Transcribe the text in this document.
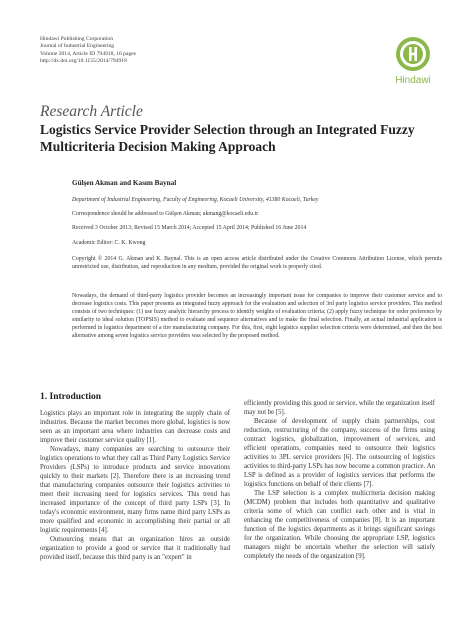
Hindawi Publishing Corporation
Journal of Industrial Engineering
Volume 2014, Article ID 794918, 16 pages
http://dx.doi.org/10.1155/2014/794918
Hindawi
Research Article
Logistics Service Provider Selection through an Integrated Fuzzy Multicriteria Decision Making Approach
Gülşen Akman and Kasım Baynal
Department of Industrial Engineering, Faculty of Engineering, Kocaeli University, 41380 Kocaeli, Turkey
Correspondence should be addressed to Gülşen Akman; akmang@kocaeli.edu.tr
Received 3 October 2013; Revised 15 March 2014; Accepted 15 April 2014; Published 16 June 2014
Academic Editor: C. K. Kwong
Copyright © 2014 G. Akman and K. Baynal. This is an open access article distributed under the Creative Commons Attribution License, which permits unrestricted use, distribution, and reproduction in any medium, provided the original work is properly cited.
Nowadays, the demand of third-party logistics provider becomes an increasingly important issue for companies to improve their customer service and to decrease logistics costs. This paper presents an integrated fuzzy approach for the evaluation and selection of 3rd party logistics service providers. This method consists of two techniques: (1) use fuzzy analytic hierarchy process to identify weights of evaluation criteria; (2) apply fuzzy technique for order preference by similarity to ideal solution (TOPSIS) method to evaluate and sequence alternatives and to make the final selection. Finally, an actual industrial application is performed in logistics department of a tire manufacturing company. For this, first, eight logistics supplier selection criteria were determined, and then the best alternative among seven logistics service providers was selected by the proposed method.
1. Introduction

Logistics plays an important role in integrating the supply chain of industries. Because the market becomes more global, logistics is now seen as an important area where industries can decrease costs and improve their customer service quality [1].

Nowadays, many companies are searching to outsource their logistics operations to what they call as Third Party Logistics Service Providers (LSPs) to introduce products and service innovations quickly to their markets [2]. Therefore there is an increasing trend that manufacturing companies outsource their logistics activities to meet their increasing need for logistics services. This trend has increased importance of the concept of third party LSPs [3]. In today's economic environment, many firms name third party LSPs as more qualified and economic in accomplishing their partial or all logistic requirements [4].

Outsourcing means that an organization hires an outside organization to provide a good or service that it traditionally had provided itself, because this third party is an "expert" in

efficiently providing this good or service, while the organization itself may not be [5].

Because of development of supply chain partnerships, cost reduction, restructuring of the company, success of the firms using contract logistics, globalization, improvement of services, and efficient operations, companies need to outsource their logistics activities to 3PL service providers [6]. The outsourcing of logistics activities to third-party LSPs has now become a common practice. An LSP is defined as a provider of logistics services that performs the logistics functions on behalf of their clients [7].

The LSP selection is a complex multicriteria decision making (MCDM) problem that includes both quantitative and qualitative criteria some of which can conflict each other and is vital in enhancing the competitiveness of companies [8]. It is an important function of the logistics departments as it brings significant savings for the organization. While choosing the appropriate LSP, logistics managers might be uncertain whether the selection will satisfy completely the needs of the organization [9].
